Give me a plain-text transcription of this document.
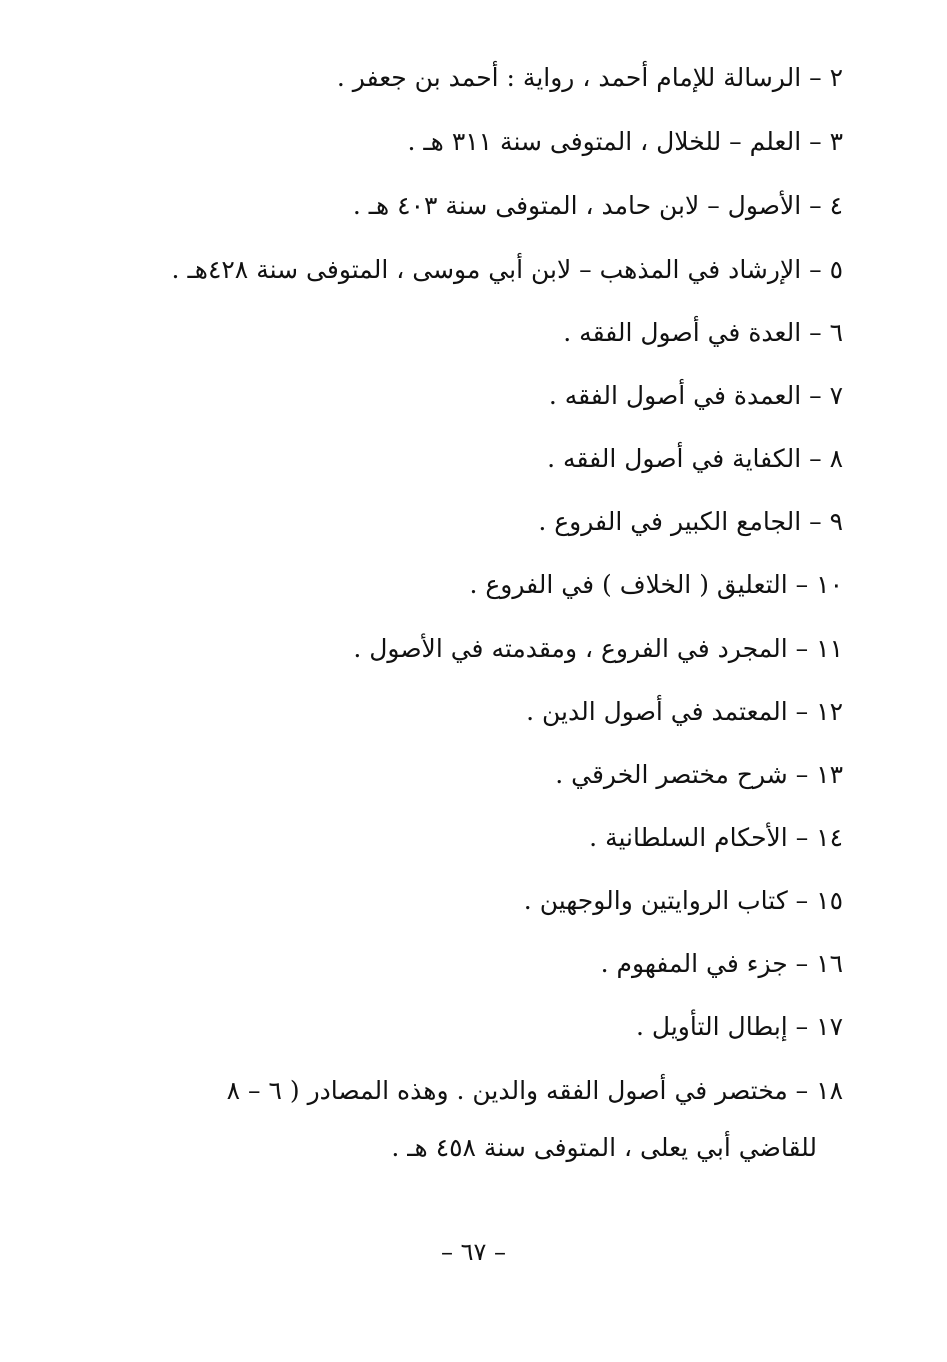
٢ – الرسالة للإمام أحمد ، رواية : أحمد بن جعفر .
٣ – العلم – للخلال ، المتوفى سنة ٣١١ هـ .
٤ – الأصول – لابن حامد ، المتوفى سنة ٤٠٣ هـ .
٥ – الإرشاد في المذهب – لابن أبي موسى ، المتوفى سنة ٤٢٨هـ .
٦ – العدة في أصول الفقه .
٧ – العمدة في أصول الفقه .
٨ – الكفاية في أصول الفقه .
٩ – الجامع الكبير في الفروع .
١٠ – التعليق ( الخلاف ) في الفروع .
١١ – المجرد في الفروع ، ومقدمته في الأصول .
١٢ – المعتمد في أصول الدين .
١٣ – شرح مختصر الخرقي .
١٤ – الأحكام السلطانية .
١٥ – كتاب الروايتين والوجهين .
١٦ – جزء في المفهوم .
١٧ – إبطال التأويل .
١٨ – مختصر في أصول الفقه والدين . وهذه المصادر ( ٦ – ٨
للقاضي أبي يعلى ، المتوفى سنة ٤٥٨ هـ .
– ٦٧ –
